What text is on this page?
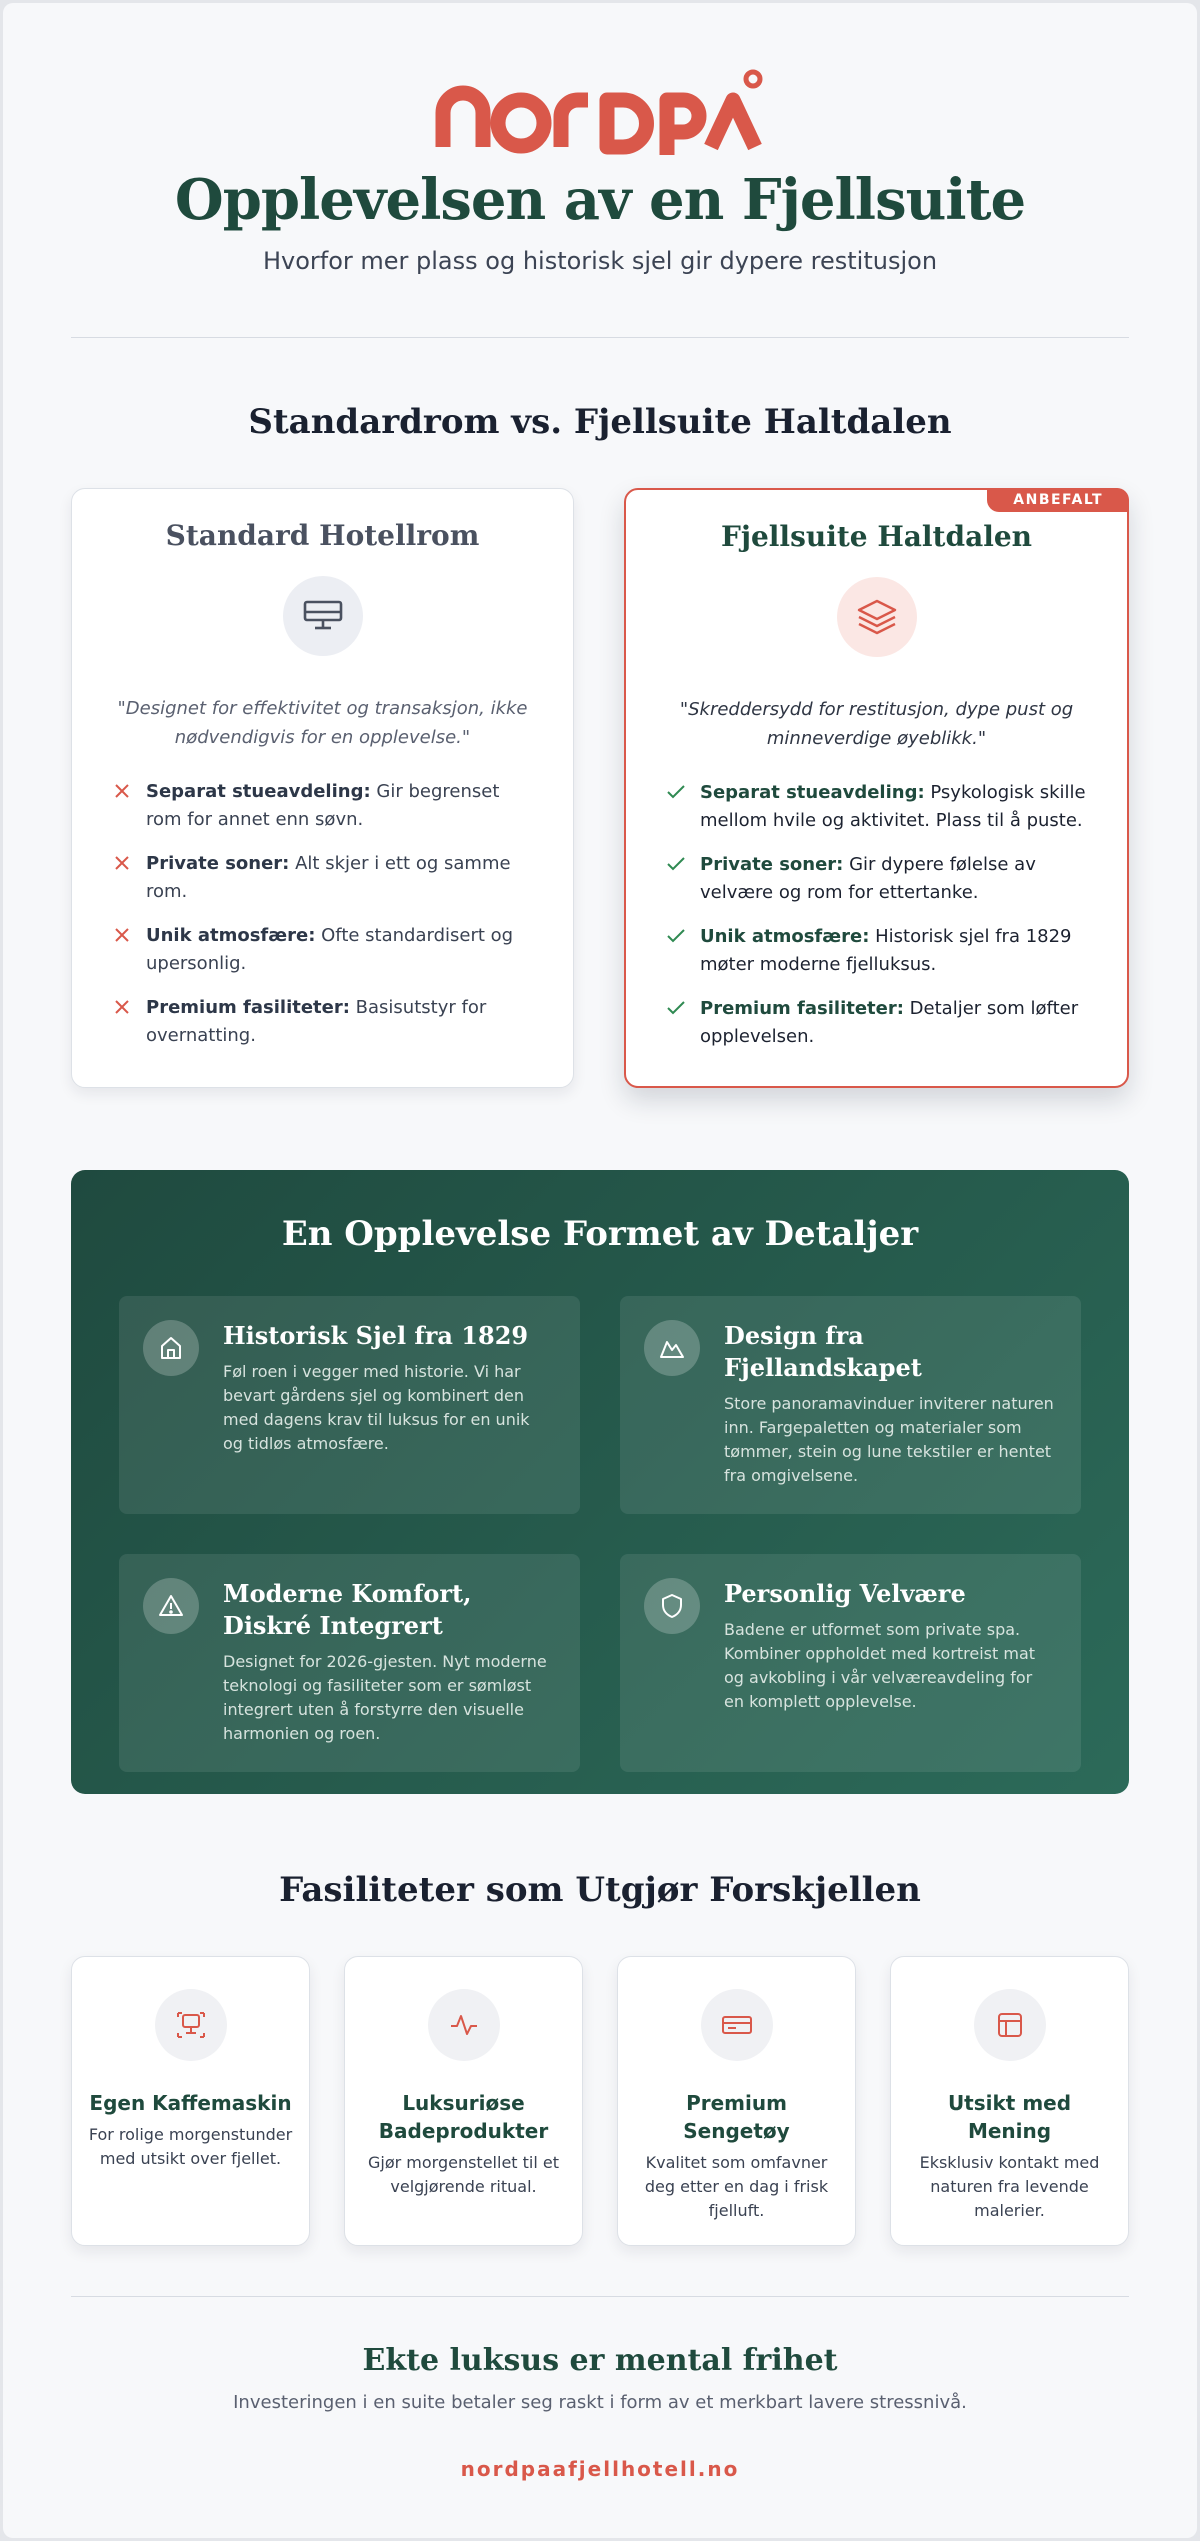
Opplevelsen av en Fjellsuite

Hvorfor mer plass og historisk sjel gir dypere restitusjon

Standardrom vs. Fjellsuite Haltdalen
Standard Hotellrom

"Designet for effektivitet og transaksjon, ikke nødvendigvis for en opplevelse."

Separat stueavdeling: Gir begrenset rom for annet enn søvn.
Private soner: Alt skjer i ett og samme rom.
Unik atmosfære: Ofte standardisert og upersonlig.
Premium fasiliteter: Basisutstyr for overnatting.
ANBEFALT
Fjellsuite Haltdalen

"Skreddersydd for restitusjon, dype pust og minneverdige øyeblikk."

Separat stueavdeling: Psykologisk skille mellom hvile og aktivitet. Plass til å puste.
Private soner: Gir dypere følelse av velvære og rom for ettertanke.
Unik atmosfære: Historisk sjel fra 1829 møter moderne fjelluksus.
Premium fasiliteter: Detaljer som løfter opplevelsen.
En Opplevelse Formet av Detaljer
Historisk Sjel fra 1829
Føl roen i vegger med historie. Vi har bevart gårdens sjel og kombinert den med dagens krav til luksus for en unik og tidløs atmosfære.
Design fra Fjellandskapet
Store panoramavinduer inviterer naturen inn. Fargepaletten og materialer som tømmer, stein og lune tekstiler er hentet fra omgivelsene.
Moderne Komfort, Diskré Integrert
Designet for 2026-gjesten. Nyt moderne teknologi og fasiliteter som er sømløst integrert uten å forstyrre den visuelle harmonien og roen.
Personlig Velvære
Badene er utformet som private spa. Kombiner oppholdet med kortreist mat og avkobling i vår velværeavdeling for en komplett opplevelse.
Fasiliteter som Utgjør Forskjellen
Egen Kaffemaskin
For rolige morgenstunder med utsikt over fjellet.
Luksuriøse Badeprodukter
Gjør morgenstellet til et velgjørende ritual.
Premium Sengetøy
Kvalitet som omfavner deg etter en dag i frisk fjelluft.
Utsikt med Mening
Eksklusiv kontakt med naturen fra levende malerier.
Ekte luksus er mental frihet

Investeringen i en suite betaler seg raskt i form av et merkbart lavere stressnivå.

nordpaafjellhotell.no
